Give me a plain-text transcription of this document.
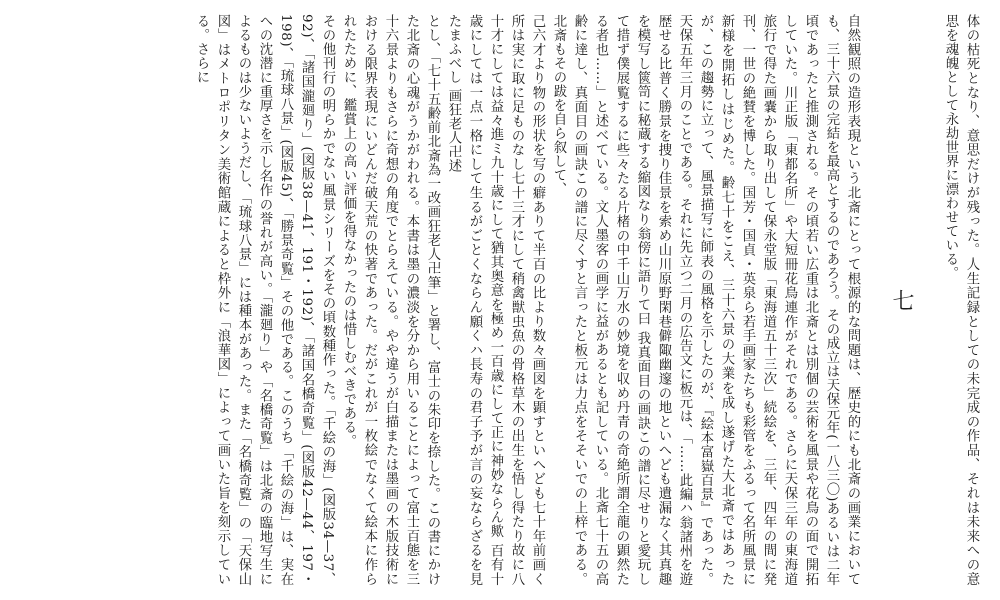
体の枯死となり、意思だけが残った。人生記録としての未完成の作品、それは未来への意思を魂魄として永劫世界に漂わせている。

七

自然観照の造形表現という北斎にとって根源的な問題は、歴史的にも北斎の画業においても、三十六景の完結を最高とするのであろう。その成立は天保元年(一八三〇)あるいは二年頃であったと推測される。その頃若い広重は北斎とは別個の芸術を風景や花鳥の面で開拓していた。川正版「東都名所」や大短冊花鳥連作がそれである。さらに天保三年の東海道旅行で得た画嚢から取り出して保永堂版「東海道五十三次」続絵を、三年、四年の間に発刊、一世の絶賛を博した。国芳・国貞・英泉ら若手画家たちも彩管をふるって名所風景に新様を開拓しはじめた。齢七十をこえ、三十六景の大業を成し遂げた大北斎ではあったが、この趨勢に立って、風景描写に師表の風格を示したのが、『絵本富嶽百景』であった。天保五年三月のことである。それに先立つ二月の広告文に板元は、「……此編ハ翁諸州を遊歴せる比普く勝景を捜り佳景を索め山川原野閑巷僻陬幽邃の地といへども遺漏なく其真趣を模写し篋笥に秘蔵する縮図なり翁傍に語りて曰 我真面目の画訣この譜に尽せりと愛玩して措ず僕展覧するに些々たる片楮の中千山万水の妙境を収め丹青の奇絶所謂全龍の顕然たる者也……」と述べている。文人墨客の画学に益があるとも記している。北斎七十五の高齢に達し、真面目の画訣この譜に尽くすと言ったと板元は力点をそそいでの上梓である。北斎もその跋を自ら叙して、

己六才より物の形状を写の癖ありて半百の比より数々画図を顕すといへども七十年前画く所は実に取に足ものなし七十三才にして稍禽獣虫魚の骨格草木の出生を悟し得たり故に八十才にしては益々進ミ九十歳にして猶其奥意を極め一百歳にして正に神妙ならん歟 百有十歳にしては一点一格にして生るがごとくならん願くハ長寿の君子予が言の妄ならざるを見たまふべし 画狂老人卍述

とし、「七十五齢前北斎為一改画狂老人卍筆」と署し、富士の朱印を捺した。この書にかけた北斎の心魂がうかがわれる。本書は墨の濃淡を分から用いることによって富士百態を三十六景よりもさらに奇想の角度でとらえている。やや違うが白描または墨画の木版技術における限界表現にいどんだ破天荒の快著であった。だがこれが一枚絵でなくて絵本に作られたために、鑑賞上の高い評価を得なかったのは惜しむべきである。

その他刊行の明らかでない風景シリーズをその頃数種作った。「千絵の海」(図版34—37、92)、「諸国瀧廻り」(図版38—41、191・192)、「諸国名橋奇覧」(図版42—44、197・198)、「琉球八景」(図版45)、「勝景奇覧」その他である。このうち「千絵の海」は、実在への沈潜に重厚さを示し名作の誉れが高い。「瀧廻り」や「名橋奇覧」は北斎の臨地写生によるものは少ないようだし、「琉球八景」には種本があった。また「名橋奇覧」の「天保山図」はメトロポリタン美術館蔵によると枠外に「浪華図」によって画いた旨を刻示している。さらに
